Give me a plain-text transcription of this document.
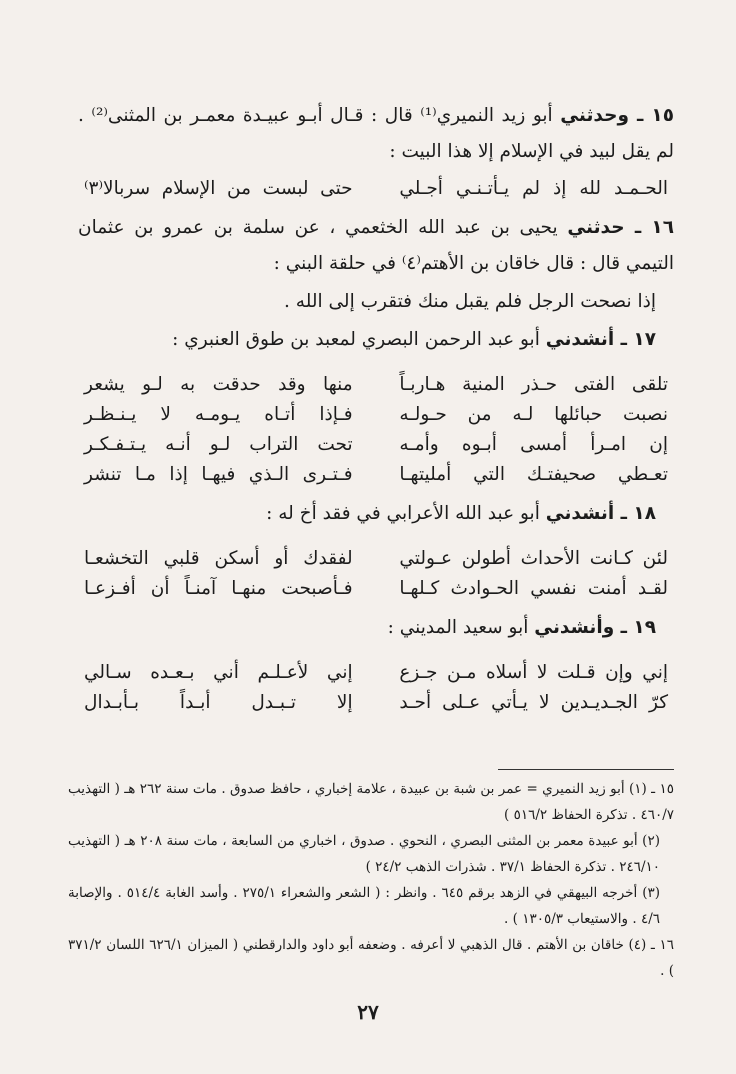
١٥ ـ وحدثني أبو زيد النميري⁽¹⁾ قال : قـال أبـو عبيـدة معمـر بن المثنى⁽²⁾ . لم يقل لبيد في الإسلام إلا هذا البيت :

الحـمـد لله إذ لم يـأتـنـي أجـلي
حتى لبست من الإسلام سربالا⁽٣⁾

١٦ ـ حدثني يحيى بن عبد الله الخثعمي ، عن سلمة بن عمرو بن عثمان التيمي قال : قال خاقان بن الأهتم⁽٤⁾ في حلقة البني :

إذا نصحت الرجل فلم يقبل منك فتقرب إلى الله .

١٧ ـ أنشدني أبو عبد الرحمن البصري لمعبد بن طوق العنبري :

تلقى الفتى حـذر المنية هـاربـاً
منها وقد حدقت به لـو يشعر
نصبت حبائلها لـه من حـولـه
فـإذا أتـاه يـومـه لا يـنـظـر
إن امـرأ أمسى أبـوه وأمـه
تحت التراب لـو أنـه يـتـفـكـر
تعـطي صحيفتـك التي أمليتهـا
فـتـرى الـذي فيهـا إذا مـا تنشر

١٨ ـ أنشدني أبو عبد الله الأعرابي في فقد أخ له :

لئن كـانت الأحداث أطولن عـولتي
لفقدك أو أسكن قلبي التخشعـا
لقـد أمنت نفسي الحـوادث كـلهـا
فـأصبحت منهـا آمنـاً أن أفـزعـا

١٩ ـ وأنشدني أبو سعيد المديني :

إني وإن قـلت لا أسلاه مـن جـزع
إني لأعـلـم أني بـعـده سـالي
كرّ الجـديـدين لا يـأتي عـلى أحـد
إلا تـبـدل أبـداً بـأبـدال
١٥ ـ (١) أبو زيد النميري = عمر بن شبة بن عبيدة ، علامة إخباري ، حافظ صدوق . مات سنة ٢٦٢ هـ ( التهذيب ٤٦٠/٧ . تذكرة الحفاظ ٥١٦/٢ )
(٢) أبو عبيدة معمر بن المثنى البصري ، النحوي . صدوق ، اخباري من السابعة ، مات سنة ٢٠٨ هـ ( التهذيب ٢٤٦/١٠ . تذكرة الحفاظ ٣٧/١ . شذرات الذهب ٢٤/٢ )
(٣) أخرجه البيهقي في الزهد برقم ٦٤٥ . وانظر : ( الشعر والشعراء ٢٧٥/١ . وأسد الغابة ٥١٤/٤ . والإصابة ٤/٦ . والاستيعاب ١٣٠٥/٣ ) .
١٦ ـ (٤) خاقان بن الأهتم . قال الذهبي لا أعرفه . وضعفه أبو داود والدارقطني ( الميزان ٦٢٦/١ اللسان ٣٧١/٢ ) .
٢٧
